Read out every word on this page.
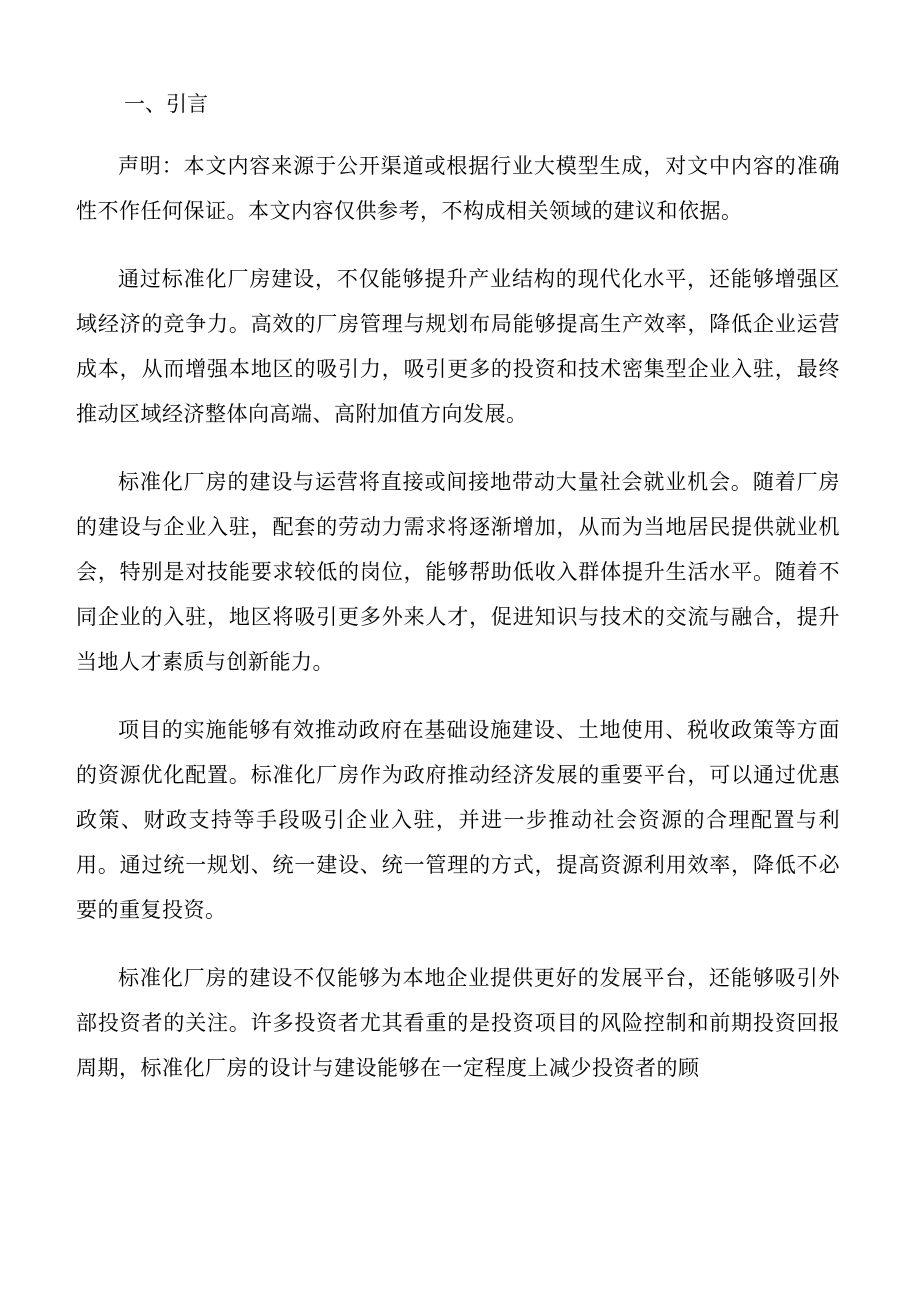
一、引言

声明：本文内容来源于公开渠道或根据行业大模型生成，对文中内容的准确性不作任何保证。本文内容仅供参考，不构成相关领域的建议和依据。

通过标准化厂房建设，不仅能够提升产业结构的现代化水平，还能够增强区域经济的竞争力。高效的厂房管理与规划布局能够提高生产效率，降低企业运营成本，从而增强本地区的吸引力，吸引更多的投资和技术密集型企业入驻，最终推动区域经济整体向高端、高附加值方向发展。

标准化厂房的建设与运营将直接或间接地带动大量社会就业机会。随着厂房的建设与企业入驻，配套的劳动力需求将逐渐增加，从而为当地居民提供就业机会，特别是对技能要求较低的岗位，能够帮助低收入群体提升生活水平。随着不同企业的入驻，地区将吸引更多外来人才，促进知识与技术的交流与融合，提升当地人才素质与创新能力。

项目的实施能够有效推动政府在基础设施建设、土地使用、税收政策等方面的资源优化配置。标准化厂房作为政府推动经济发展的重要平台，可以通过优惠政策、财政支持等手段吸引企业入驻，并进一步推动社会资源的合理配置与利用。通过统一规划、统一建设、统一管理的方式，提高资源利用效率，降低不必要的重复投资。

标准化厂房的建设不仅能够为本地企业提供更好的发展平台，还能够吸引外部投资者的关注。许多投资者尤其看重的是投资项目的风险控制和前期投资回报周期，标准化厂房的设计与建设能够在一定程度上减少投资者的顾
